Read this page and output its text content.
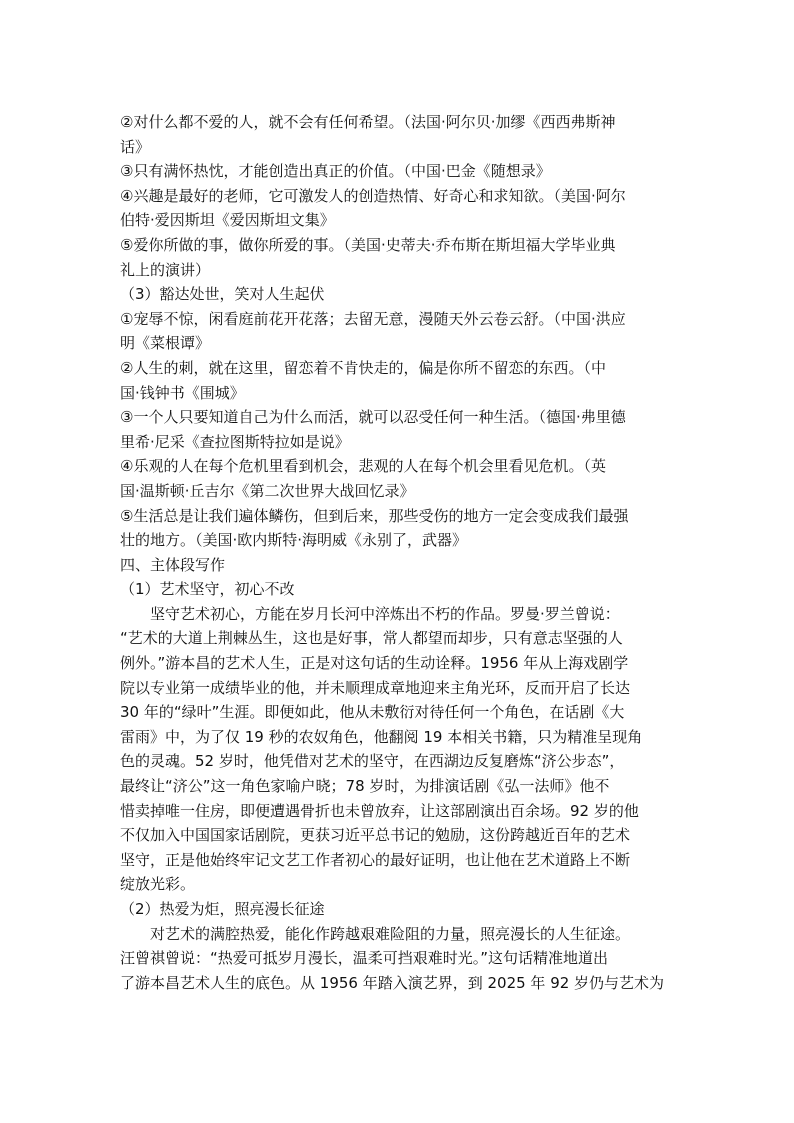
②对什么都不爱的人，就不会有任何希望。（法国·阿尔贝·加缪《西西弗斯神
话》
③只有满怀热忱，才能创造出真正的价值。（中国·巴金《随想录》
④兴趣是最好的老师，它可激发人的创造热情、好奇心和求知欲。（美国·阿尔
伯特·爱因斯坦《爱因斯坦文集》
⑤爱你所做的事，做你所爱的事。（美国·史蒂夫·乔布斯在斯坦福大学毕业典
礼上的演讲）
（3）豁达处世，笑对人生起伏
①宠辱不惊，闲看庭前花开花落；去留无意，漫随天外云卷云舒。（中国·洪应
明《菜根谭》
②人生的刺，就在这里，留恋着不肯快走的，偏是你所不留恋的东西。（中
国·钱钟书《围城》
③一个人只要知道自己为什么而活，就可以忍受任何一种生活。（德国·弗里德
里希·尼采《查拉图斯特拉如是说》
④乐观的人在每个危机里看到机会，悲观的人在每个机会里看见危机。（英
国·温斯顿·丘吉尔《第二次世界大战回忆录》
⑤生活总是让我们遍体鳞伤，但到后来，那些受伤的地方一定会变成我们最强
壮的地方。（美国·欧内斯特·海明威《永别了，武器》
四、主体段写作
（1）艺术坚守，初心不改
坚守艺术初心，方能在岁月长河中淬炼出不朽的作品。罗曼·罗兰曾说：
“艺术的大道上荆棘丛生，这也是好事，常人都望而却步，只有意志坚强的人
例外。”游本昌的艺术人生，正是对这句话的生动诠释。1956 年从上海戏剧学
院以专业第一成绩毕业的他，并未顺理成章地迎来主角光环，反而开启了长达
30 年的“绿叶”生涯。即便如此，他从未敷衍对待任何一个角色，在话剧《大
雷雨》中，为了仅 19 秒的农奴角色，他翻阅 19 本相关书籍，只为精准呈现角
色的灵魂。52 岁时，他凭借对艺术的坚守，在西湖边反复磨炼“济公步态”，
最终让“济公”这一角色家喻户晓；78 岁时，为排演话剧《弘一法师》他不
惜卖掉唯一住房，即便遭遇骨折也未曾放弃，让这部剧演出百余场。92 岁的他
不仅加入中国国家话剧院，更获习近平总书记的勉励，这份跨越近百年的艺术
坚守，正是他始终牢记文艺工作者初心的最好证明，也让他在艺术道路上不断
绽放光彩。
（2）热爱为炬，照亮漫长征途
对艺术的满腔热爱，能化作跨越艰难险阻的力量，照亮漫长的人生征途。
汪曾祺曾说：“热爱可抵岁月漫长，温柔可挡艰难时光。”这句话精准地道出
了游本昌艺术人生的底色。从 1956 年踏入演艺界，到 2025 年 92 岁仍与艺术为
